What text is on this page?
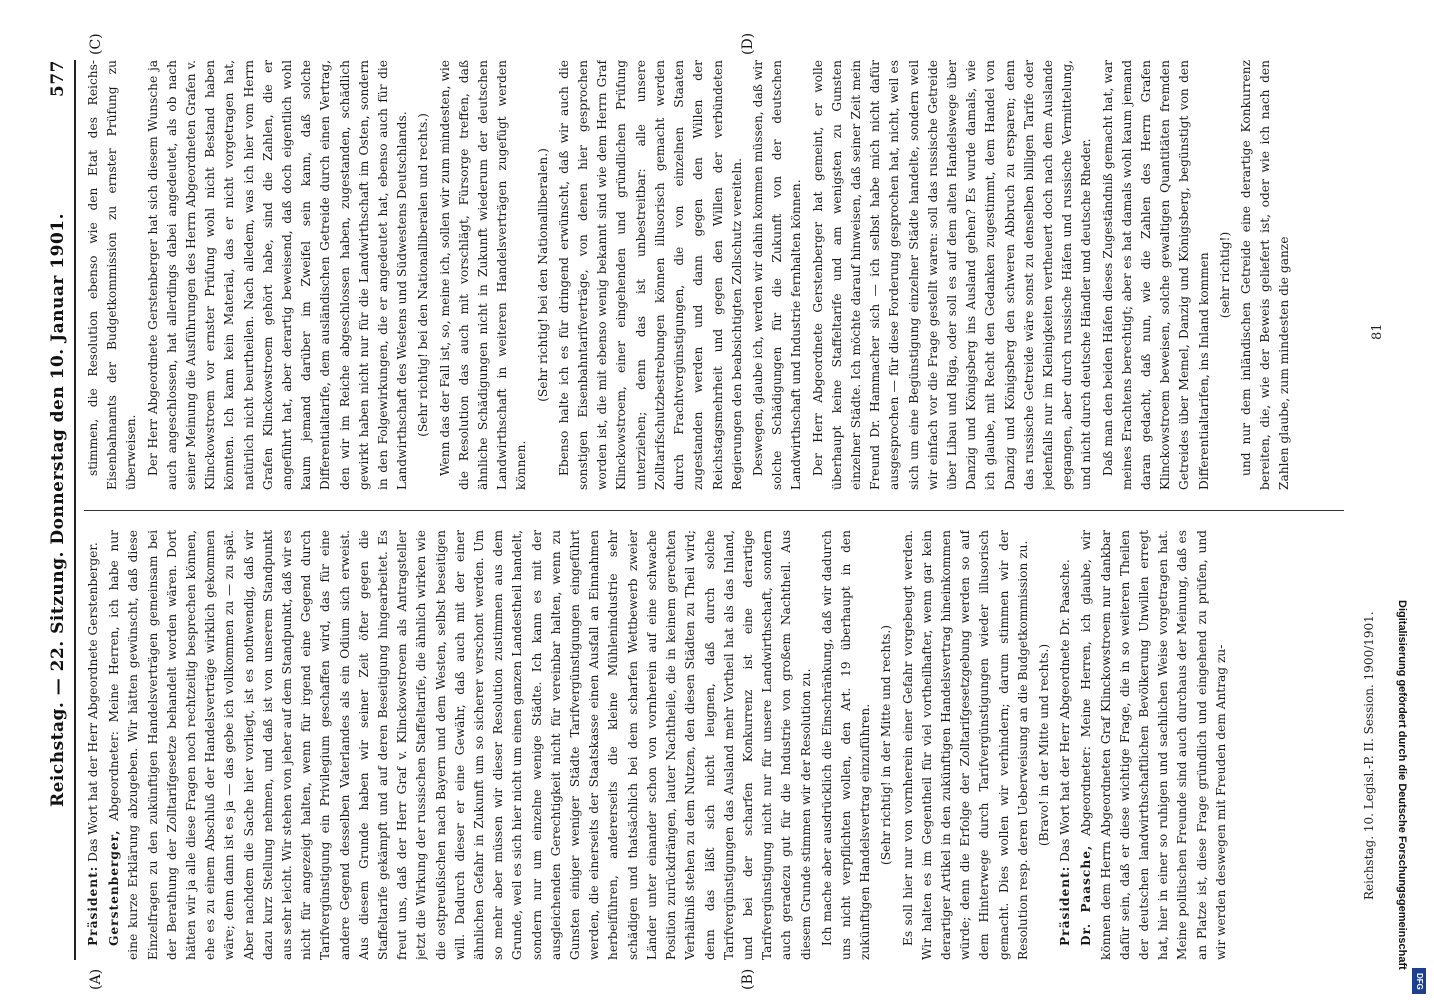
Reichstag. — 22. Sitzung. Donnerstag den 10. Januar 1901.
577
(A)	(B)
(C)	(D)

Präsident: Das Wort hat der Herr Abgeordnete Gerstenberger.

Gerstenberger, Abgeordneter: Meine Herren, ich habe nur eine kurze Erklärung abzugeben. Wir hätten gewünscht, daß diese Einzelfragen zu den zukünftigen Handelsverträgen gemeinsam bei der Berathung der Zolltarifgesetze behandelt worden wären. Dort hätten wir ja alle diese Fragen noch rechtzeitig besprechen können, ehe es zu einem Abschluß der Handelsverträge wirklich gekommen wäre; denn dann ist es ja — das gebe ich vollkommen zu — zu spät. Aber nachdem die Sache hier vorliegt, ist es nothwendig, daß wir dazu kurz Stellung nehmen, und daß ist von unserem Standpunkt aus sehr leicht. Wir stehen von jeher auf dem Standpunkt, daß wir es nicht für angezeigt halten, wenn für irgend eine Gegend durch Tarifvergünstigung ein Privilegium geschaffen wird, das für eine andere Gegend desselben Vaterlandes als ein Odium sich erweist. Aus diesem Grunde haben wir seiner Zeit öfter gegen die Staffeltarife gekämpft und auf deren Beseitigung hingearbeitet. Es freut uns, daß der Herr Graf v. Klinckowstroem als Antragsteller jetzt die Wirkung der russischen Staffeltarife, die ähnlich wirken wie die ostpreußischen nach Bayern und dem Westen, selbst beseitigen will. Dadurch dieser er eine Gewähr, daß auch mit der einer ähnlichen Gefahr in Zukunft um so sicherer verschont werden. Um so mehr aber müssen wir dieser Resolution zustimmen aus dem Grunde, weil es sich hier nicht um einen ganzen Landestheil handelt, sondern nur um einzelne wenige Städte. Ich kann es mit der ausgleichenden Gerechtigkeit nicht für vereinbar halten, wenn zu Gunsten einiger weniger Städte Tarifvergünstigungen eingeführt werden, die einerseits der Staatskasse einen Ausfall an Einnahmen herbeiführen, andererseits die kleine Mühlenindustrie sehr schädigen und thatsächlich bei dem scharfen Wettbewerb zweier Länder unter einander schon von vornherein auf eine schwache Position zurückdrängen, lauter Nachtheile, die in keinem gerechten Verhältniß stehen zu dem Nutzen, den diesen Städten zu Theil wird; denn das läßt sich nicht leugnen, daß durch solche Tarifvergünstigungen das Ausland mehr Vortheil hat als das Inland, und bei der scharfen Konkurrenz ist eine derartige Tarifvergünstigung nicht nur für unsere Landwirthschaft, sondern auch geradezu gut für die Industrie von großem Nachtheil. Aus diesem Grunde stimmen wir der Resolution zu. Ich mache aber ausdrücklich die Einschränkung, daß wir dadurch uns nicht verpflichten wollen, den Art. 19 überhaupt in den zukünftigen Handelsvertrag einzuführen. (Sehr richtig! in der Mitte und rechts.) Es soll hier nur von vornherein einer Gefahr vorgebeugt werden. Wir halten es im Gegentheil für viel vortheilhafter, wenn gar kein derartiger Artikel in den zukünftigen Handelsvertrag hineinkommen würde; denn die Erfolge der Zolltarifgesetzgebung werden so auf dem Hinterwege durch Tarifvergünstigungen wieder illusorisch gemacht. Dies wollen wir verhindern; darum stimmen wir der Resolution resp. deren Ueberweisung an die Budgetkommission zu. (Bravo! in der Mitte und rechts.)

Präsident: Das Wort hat der Herr Abgeordnete Dr. Paasche.

Dr. Paasche, Abgeordneter: Meine Herren, ich glaube, wir können dem Herrn Abgeordneten Graf Klinckowstroem nur dankbar dafür sein, daß er diese wichtige Frage, die in so weiteren Theilen der deutschen landwirthschaftlichen Bevölkerung Unwillen erregt hat, hier in einer so ruhigen und sachlichen Weise vorgetragen hat. Meine politischen Freunde sind auch durchaus der Meinung, daß es an Platze ist, diese Frage gründlich und eingehend zu prüfen, und wir werden deswegen mit Freuden dem Antrag zu-

stimmen, die Resolution ebenso wie den Etat des Reichs-Eisenbahnamts der Budgetkommission zu ernster Prüfung zu überweisen. Der Herr Abgeordnete Gerstenberger hat sich diesem Wunsche ja auch angeschlossen, hat allerdings dabei angedeutet, als ob nach seiner Meinung die Ausführungen des Herrn Abgeordneten Grafen v. Klinckowstroem vor ernster Prüfung wohl nicht Bestand haben könnten. Ich kann kein Material, das er nicht vorgetragen hat, natürlich nicht beurtheilen. Nach alledem, was ich hier vom Herrn Grafen Klinckowstroem gehört habe, sind die Zahlen, die er angeführt hat, aber derartig beweisend, daß doch eigentlich wohl kaum jemand darüber im Zweifel sein kann, daß solche Differentialtarife, dem ausländischen Getreide durch einen Vertrag, den wir im Reiche abgeschlossen haben, zugestanden, schädlich gewirkt haben nicht nur für die Landwirthschaft im Osten, sondern in den Folgewirkungen, die er angedeutet hat, ebenso auch für die Landwirthschaft des Westens und Südwestens Deutschlands. (Sehr richtig! bei den Nationalliberalen und rechts.) Wenn das der Fall ist, so, meine ich, sollen wir zum mindesten, wie die Resolution das auch mit vorschlägt, Fürsorge treffen, daß ähnliche Schädigungen nicht in Zukunft wiederum der deutschen Landwirthschaft in weiteren Handelsverträgen zugefügt werden können.

(Sehr richtig! bei den Nationalliberalen.) Ebenso halte ich es für dringend erwünscht, daß wir auch die sonstigen Eisenbahntarifverträge, von denen hier gesprochen worden ist, die mit ebenso wenig bekannt sind wie dem Herrn Graf Klinckowstroem, einer eingehenden und gründlichen Prüfung unterziehen; denn das ist unbestreitbar: alle unsere Zolltarifschutzbestrebungen können illusorisch gemacht werden durch Frachtvergünstigungen, die von einzelnen Staaten zugestanden werden und dann gegen den Willen der Reichstagsmehrheit und gegen den Willen der verbündeten Regierungen den beabsichtigten Zollschutz vereiteln. Deswegen, glaube ich, werden wir dahin kommen müssen, daß wir solche Schädigungen für die Zukunft von der deutschen Landwirthschaft und Industrie fernhalten können. Der Herr Abgeordnete Gerstenberger hat gemeint, er wolle überhaupt keine Staffeltarife und am wenigsten zu Gunsten einzelner Städte. Ich möchte darauf hinweisen, daß seiner Zeit mein Freund Dr. Hammacher sich — ich selbst habe mich nicht dafür ausgesprochen — für diese Forderung gesprochen hat, nicht, weil es sich um eine Begünstigung einzelner Städte handelte, sondern weil wir einfach vor die Frage gestellt waren: soll das russische Getreide über Libau und Riga, oder soll es auf dem alten Handelswege über Danzig und Königsberg ins Ausland gehen? Es wurde damals, wie ich glaube, mit Recht den Gedanken zugestimmt, dem Handel von Danzig und Königsberg den schweren Abbruch zu ersparen; denn das russische Getreide wäre sonst zu denselben billigen Tarife oder jedenfalls nur im Kleinigkeiten vertheuert doch nach dem Auslande gegangen, aber durch russische Häfen und russische Vermittelung, und nicht durch deutsche Händler und deutsche Rheder. Daß man den beiden Häfen dieses Zugeständniß gemacht hat, war meines Erachtens berechtigt; aber es hat damals wohl kaum jemand daran gedacht, daß nun, wie die Zahlen des Herrn Grafen Klinckowstroem beweisen, solche gewaltigen Quantitäten fremden Getreides über Memel, Danzig und Königsberg, begünstigt von den Differentialtarifen, ins Inland kommen (sehr richtig!) und nur dem inländischen Getreide eine derartige Konkurrenz bereiten, die, wie der Beweis geliefert ist, oder wie ich nach den Zahlen glaube, zum mindesten die ganze

Reichstag. 10. Legisl.-P. II. Session. 1900/1901.
81
Digitalisierung gefördert durch die Deutsche Forschungsgemeinschaft
DFG
